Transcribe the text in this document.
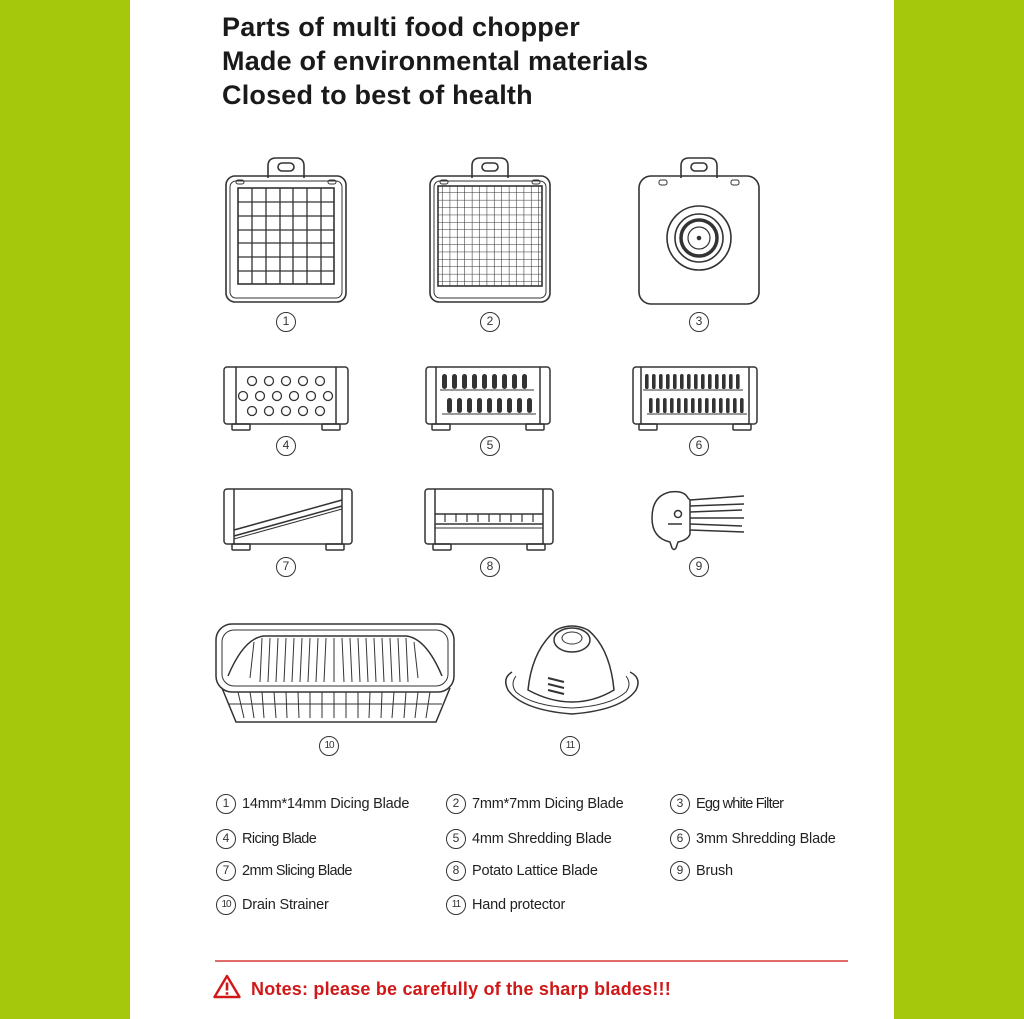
Parts of multi food chopper
Made of environmental materials
Closed to best of health
1	2	3
4	5	6
7	8	9
10	11
1 14mm*14mm Dicing Blade	2 7mm*7mm Dicing Blade	3 Egg white Filter
4 Ricing Blade	5 4mm Shredding Blade	6 3mm Shredding Blade
7 2mm Slicing Blade	8 Potato Lattice Blade	9 Brush
10 Drain Strainer	11 Hand protector
Notes: please be carefully of the sharp blades!!!
